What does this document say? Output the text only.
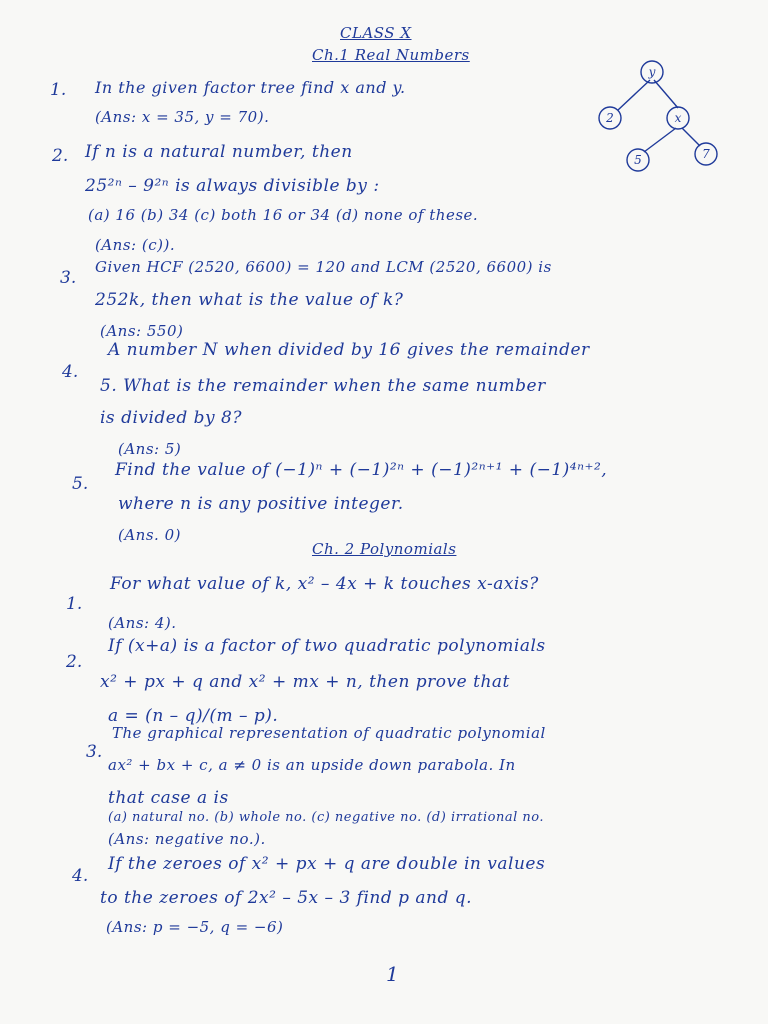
CLASS X
Ch.1 Real Numbers
1. In the given factor tree find x and y.
(Ans: x = 35, y = 70).
y
2	x
5	7
2. If n is a natural number, then
25²ⁿ – 9²ⁿ is always divisible by :
(a) 16 (b) 34 (c) both 16 or 34 (d) none of these.
(Ans: (c)).
3.
Given HCF (2520, 6600) = 120 and LCM (2520, 6600) is
252k, then what is the value of k?
(Ans: 550)
4.
A number N when divided by 16 gives the remainder
5. What is the remainder when the same number
is divided by 8?
(Ans: 5)
5.
Find the value of (−1)ⁿ + (−1)²ⁿ + (−1)²ⁿ⁺¹ + (−1)⁴ⁿ⁺²,
where n is any positive integer.
(Ans. 0)
Ch. 2 Polynomials
1.
For what value of k, x² – 4x + k touches x-axis?
(Ans: 4).
2.
If (x+a) is a factor of two quadratic polynomials
x² + px + q and x² + mx + n, then prove that
a = (n – q)/(m – p).
3.
The graphical representation of quadratic polynomial
ax² + bx + c, a ≠ 0 is an upside down parabola. In
that case a is
(a) natural no. (b) whole no. (c) negative no. (d) irrational no.
(Ans: negative no.).
4.
If the zeroes of x² + px + q are double in values
to the zeroes of 2x² – 5x – 3 find p and q.
(Ans: p = −5, q = −6)
1
